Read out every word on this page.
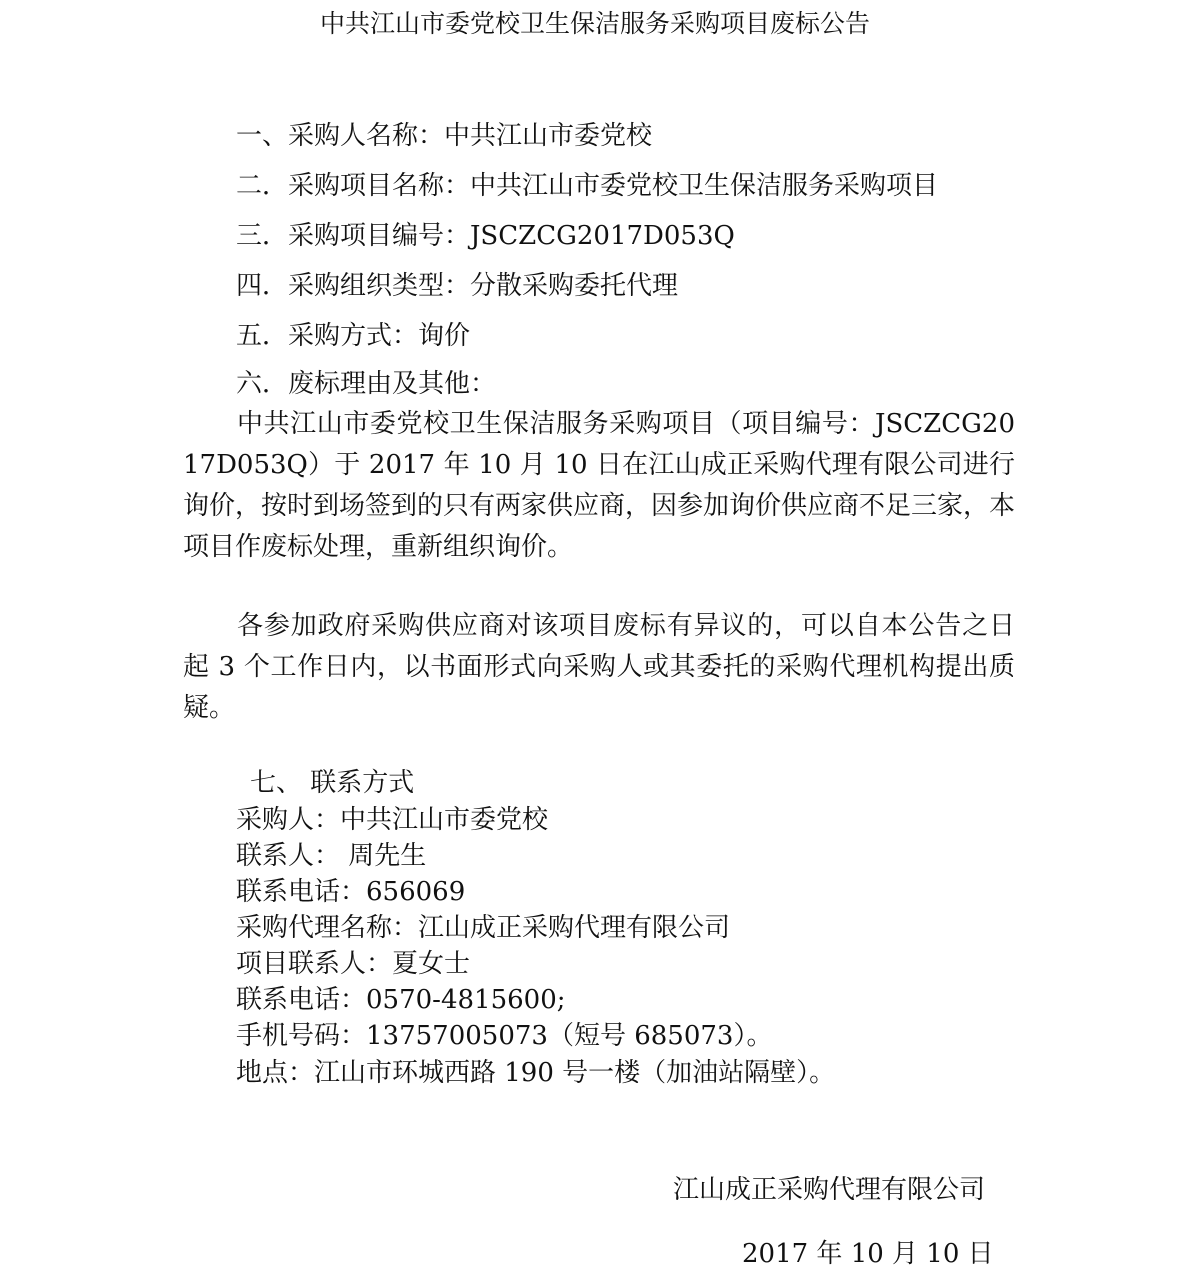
中共江山市委党校卫生保洁服务采购项目废标公告
一、采购人名称：中共江山市委党校
二．采购项目名称：中共江山市委党校卫生保洁服务采购项目
三．采购项目编号：JSCZCG2017D053Q
四．采购组织类型：分散采购委托代理
五．采购方式：询价
六．废标理由及其他：
中共江山市委党校卫生保洁服务采购项目（项目编号：JSCZCG2017D053Q）于 2017 年 10 月 10 日在江山成正采购代理有限公司进行询价，按时到场签到的只有两家供应商，因参加询价供应商不足三家，本项目作废标处理，重新组织询价。
各参加政府采购供应商对该项目废标有异议的，可以自本公告之日起 3 个工作日内，以书面形式向采购人或其委托的采购代理机构提出质疑。
七、 联系方式
采购人：中共江山市委党校
联系人： 周先生
联系电话：656069
采购代理名称：江山成正采购代理有限公司
项目联系人：夏女士
联系电话：0570-4815600;
手机号码：13757005073（短号 685073）。
地点：江山市环城西路 190 号一楼（加油站隔壁）。
江山成正采购代理有限公司
2017 年 10 月 10 日
